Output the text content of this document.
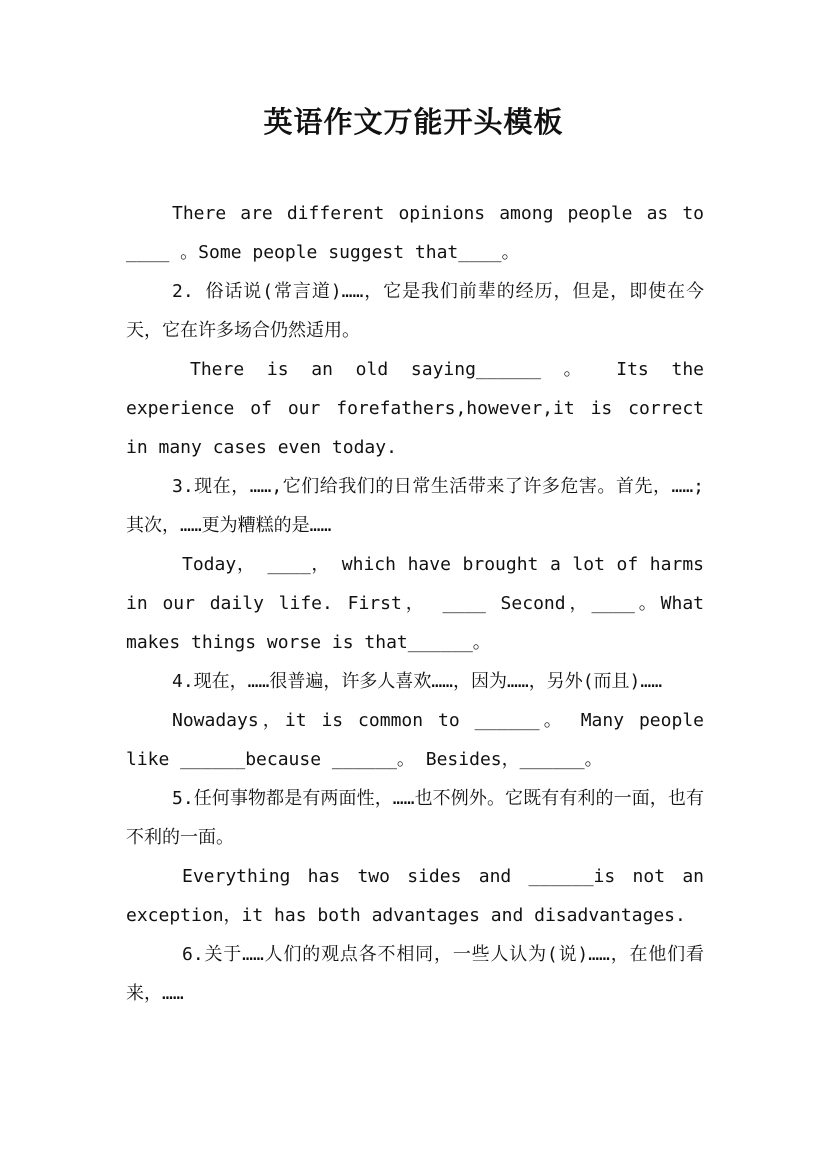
英语作文万能开头模板

There are different opinions among people as to ____ 。Some people suggest that____。

2. 俗话说(常言道)……，它是我们前辈的经历，但是，即使在今天，它在许多场合仍然适用。

There is an old saying______ 。 Its the experience of our forefathers,however,it is correct in many cases even today.

3.现在，……,它们给我们的日常生活带来了许多危害。首先，……;其次，……更为糟糕的是……

Today， ____， which have brought a lot of harms in our daily life. First， ____ Second，____。What makes things worse is that______。

4.现在，……很普遍，许多人喜欢……，因为……，另外(而且)……

Nowadays，it is common to ______。 Many people like ______because ______。 Besides，______。

5.任何事物都是有两面性，……也不例外。它既有有利的一面，也有不利的一面。

Everything has two sides and ______is not an exception，it has both advantages and disadvantages.

6.关于……人们的观点各不相同，一些人认为(说)……，在他们看来，……
